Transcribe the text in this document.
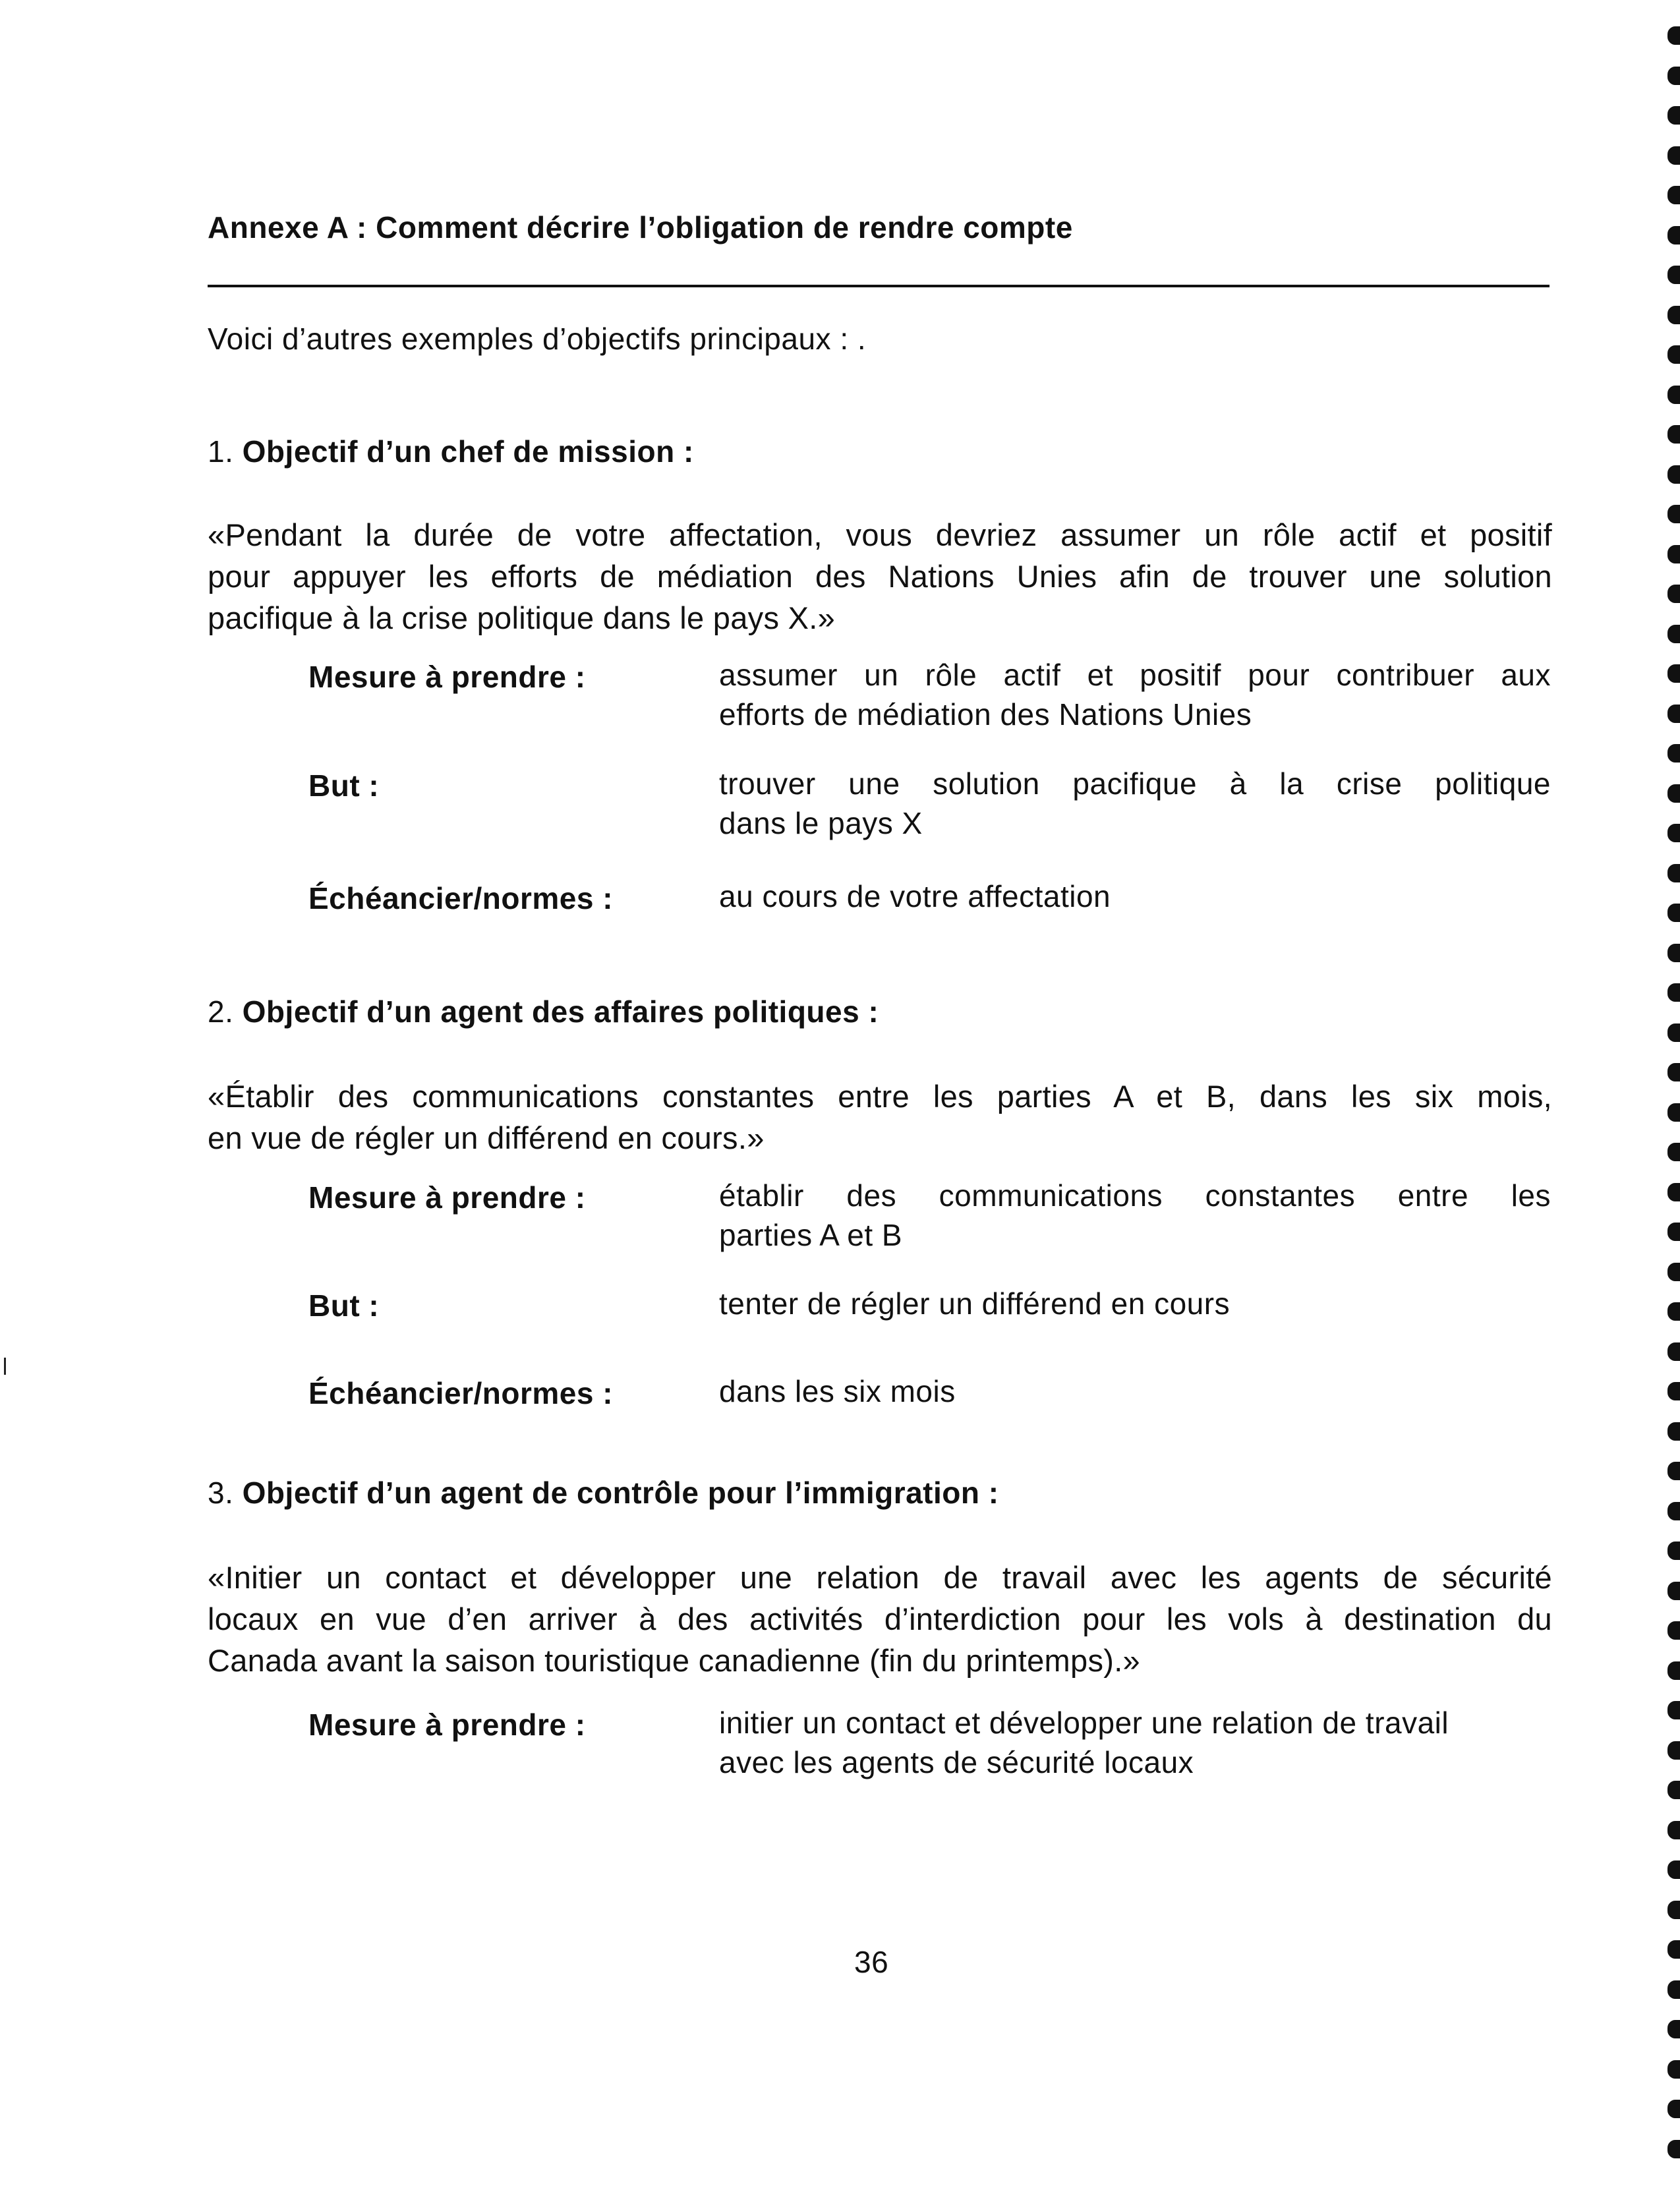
Annexe A : Comment décrire l’obligation de rendre compte
Voici d’autres exemples d’objectifs principaux : .
1. Objectif d’un chef de mission :
«Pendant la durée de votre affectation, vous devriez assumer un rôle actif et positif
pour appuyer les efforts de médiation des Nations Unies afin de trouver une solution
pacifique à la crise politique dans le pays X.»
Mesure à prendre :	assumer un rôle actif et positif pour contribuer aux
efforts de médiation des Nations Unies
But :	trouver une solution pacifique à la crise politique
dans le pays X
Échéancier/normes :	au cours de votre affectation
2. Objectif d’un agent des affaires politiques :
«Établir des communications constantes entre les parties A et B, dans les six mois,
en vue de régler un différend en cours.»
Mesure à prendre :	établir des communications constantes entre les
parties A et B
But :	tenter de régler un différend en cours
Échéancier/normes :	dans les six mois
3. Objectif d’un agent de contrôle pour l’immigration :
«Initier un contact et développer une relation de travail avec les agents de sécurité
locaux en vue d’en arriver à des activités d’interdiction pour les vols à destination du
Canada avant la saison touristique canadienne (fin du printemps).»
Mesure à prendre :	initier un contact et développer une relation de travail
avec les agents de sécurité locaux
36
